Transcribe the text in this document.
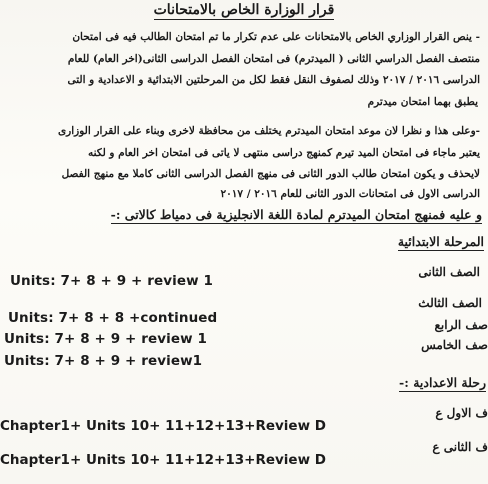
قرار الوزارة الخاص بالامتحانات
- ينص القرار الوزاري الخاص بالامتحانات على عدم تكرار ما تم امتحان الطالب فيه فى امتحان
منتصف الفصل الدراسي الثانى ( الميدترم) فى امتحان الفصل الدراسى الثانى(اخر العام) للعام
الدراسى ٢٠١٦ / ٢٠١٧ وذلك لصفوف النقل فقط لكل من المرحلتين الابتدائية و الاعدادية و التى
يطبق بهما امتحان ميدترم
-وعلى هذا و نظرا لان موعد امتحان الميدترم يختلف من محافظة لاخرى وبناء على القرار الوزارى
يعتبر ماجاء فى امتحان الميد تيرم كمنهج دراسى منتهى لا ياتى فى امتحان اخر العام و لكنه
لايحذف و يكون امتحان طالب الدور الثانى فى منهج الفصل الدراسى الثانى كاملا مع منهج الفصل
الدراسى الاول فى امتحانات الدور الثانى للعام ٢٠١٦ / ٢٠١٧
و عليه فمنهج امتحان الميدترم لمادة اللغة الانجليزية فى دمياط كالاتى :-
المرحلة الابتدائية
الصف الثانى
Units: 7+ 8 + 9 + review 1
الصف الثالث
Units: 7+ 8 + 8 +continued	صف الرابع
Units: 7+ 8 + 9 + review 1	صف الخامس
Units: 7+ 8 + 9 + review1
رحلة الاعدادية :-
ف الاول ع
Chapter1+ Units 10+ 11+12+13+Review D
ف الثانى ع
Chapter1+ Units 10+ 11+12+13+Review D
